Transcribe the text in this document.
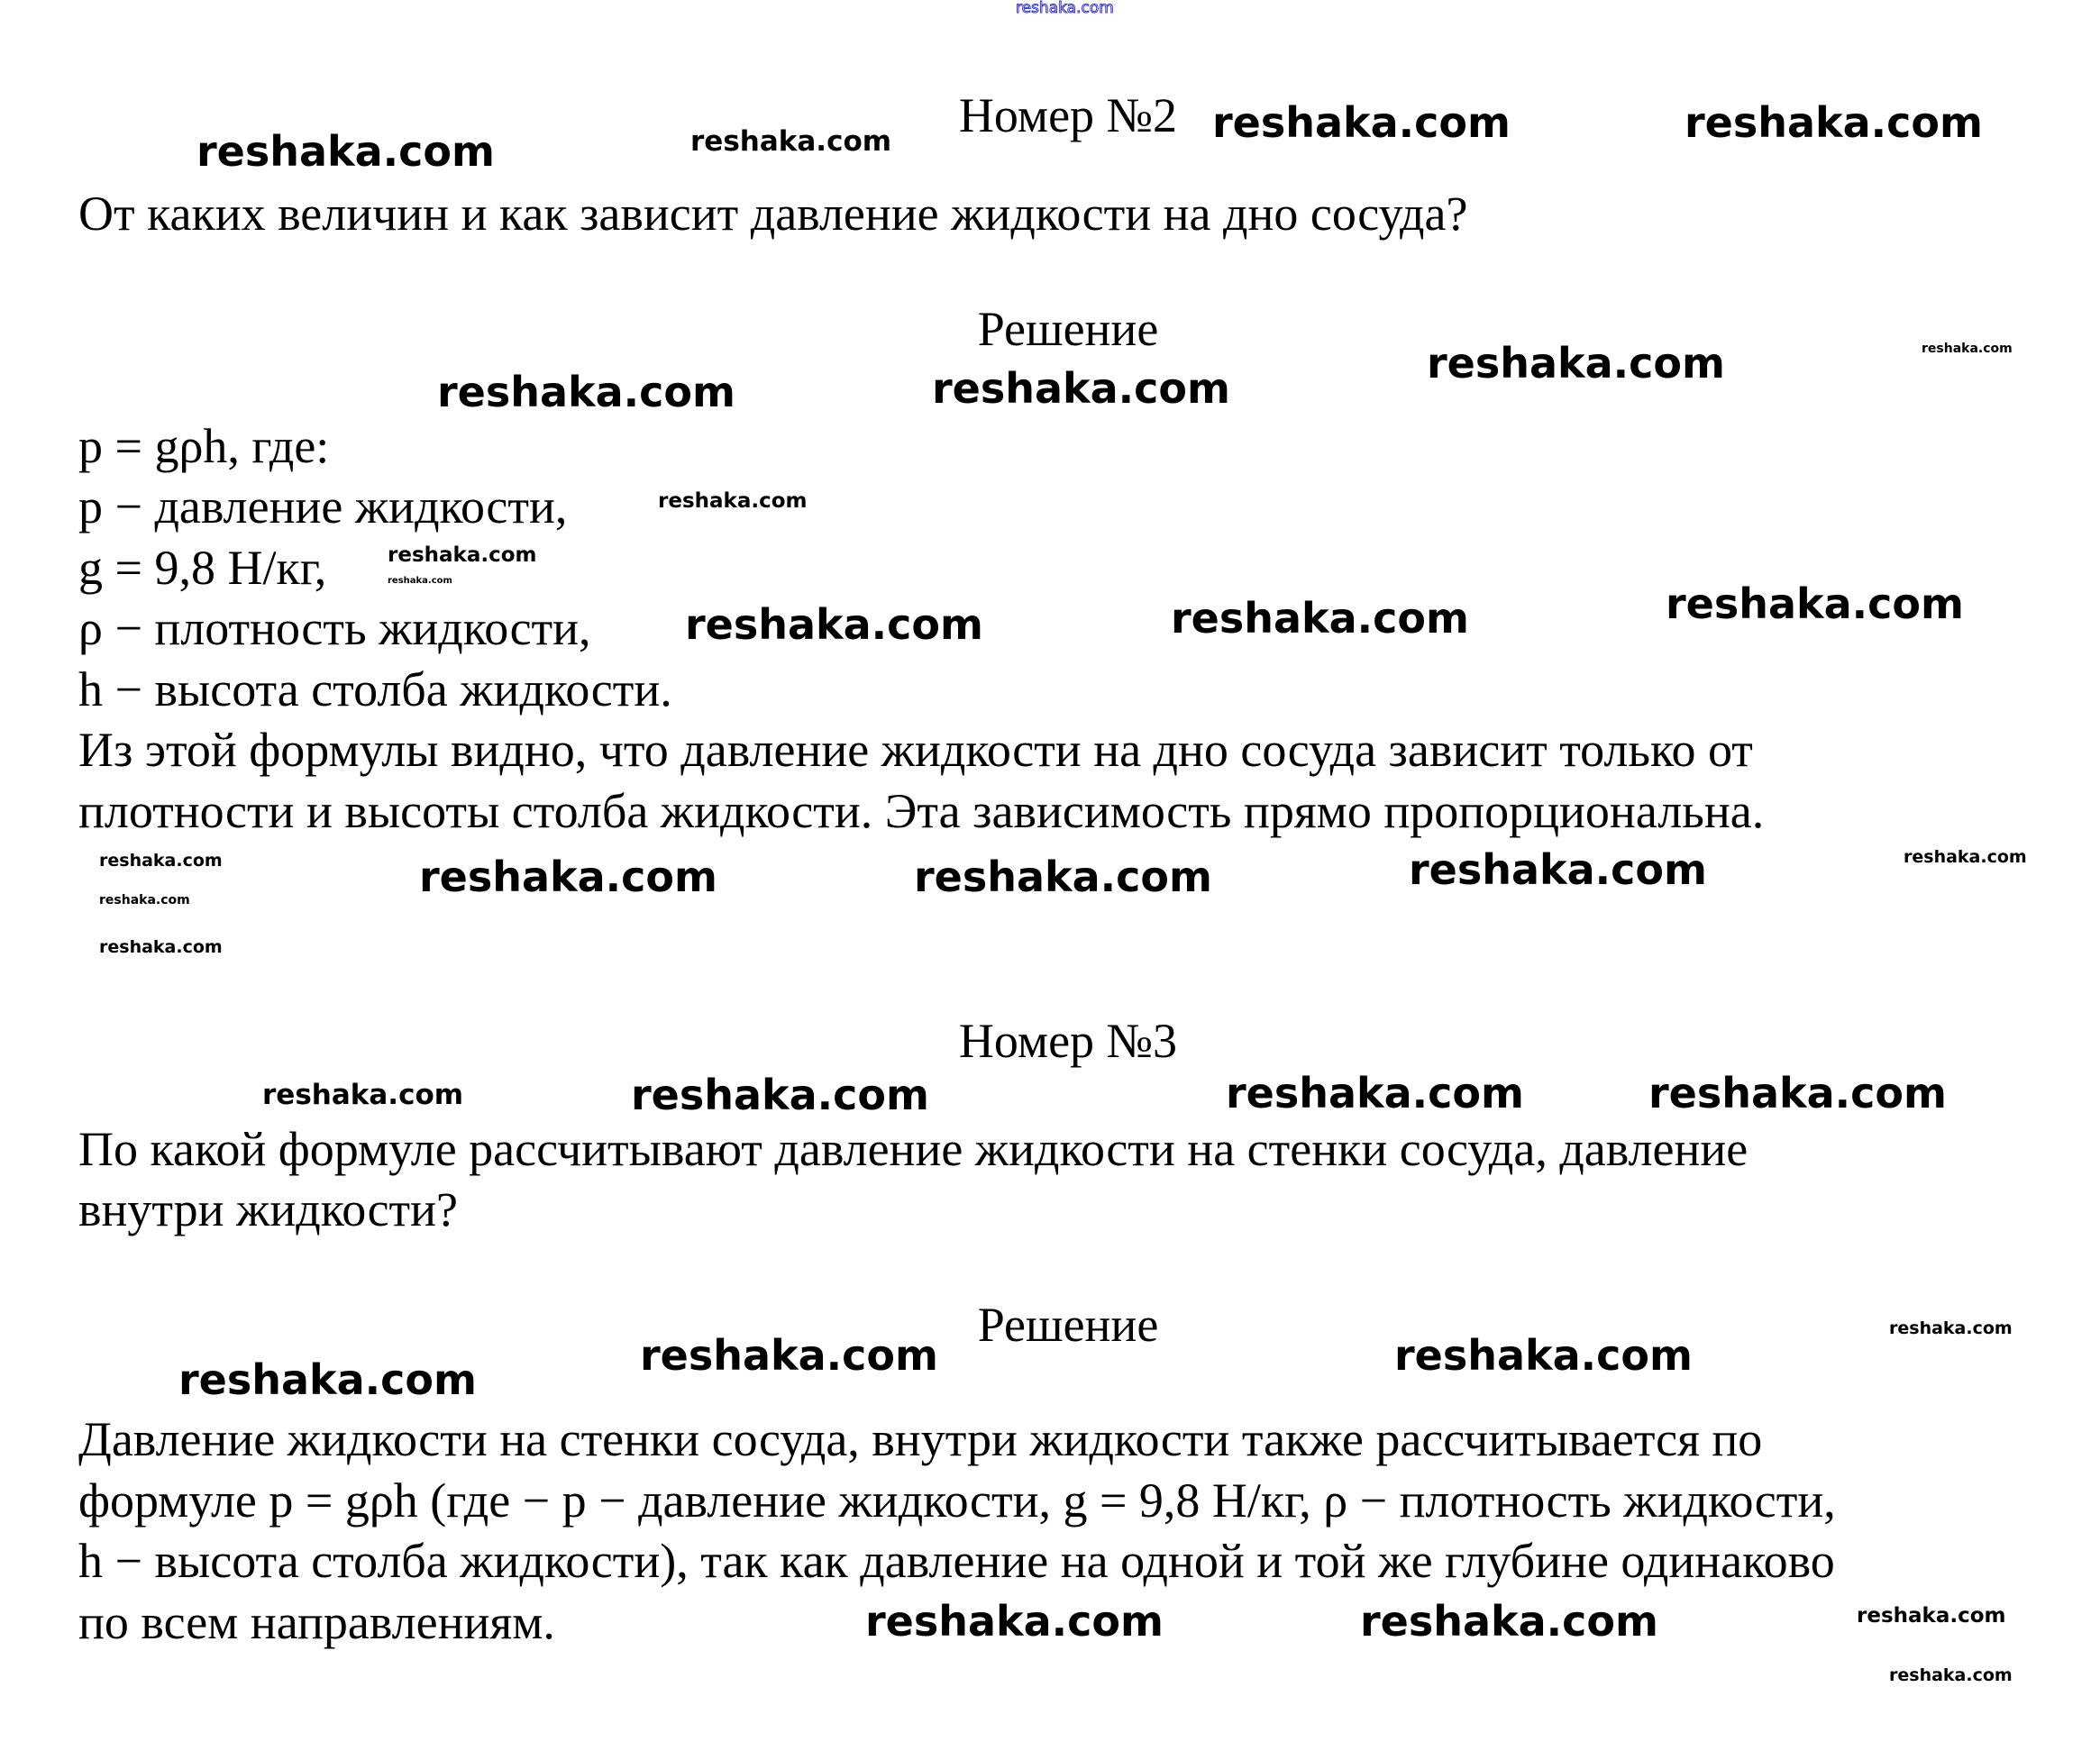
Номер №2
От каких величин и как зависит давление жидкости на дно сосуда?
Решение
p = gρh, где:
p − давление жидкости,
g = 9,8 Н/кг,
ρ − плотность жидкости,
h − высота столба жидкости.
Из этой формулы видно, что давление жидкости на дно сосуда зависит только от
плотности и высоты столба жидкости. Эта зависимость прямо пропорциональна.
Номер №3
По какой формуле рассчитывают давление жидкости на стенки сосуда, давление
внутри жидкости?
Решение
Давление жидкости на стенки сосуда, внутри жидкости также рассчитывается по
формуле p = gρh (где − p − давление жидкости, g = 9,8 Н/кг, ρ − плотность жидкости,
h − высота столба жидкости), так как давление на одной и той же глубине одинаково
по всем направлениям.
reshaka.com
reshaka.com	reshaka.com	reshaka.com	reshaka.com
reshaka.com	reshaka.com
reshaka.com	reshaka.com
reshaka.com
reshaka.com
reshaka.com
reshaka.com	reshaka.com	reshaka.com
reshaka.com
reshaka.com	reshaka.com
reshaka.com	reshaka.com	reshaka.com
reshaka.com
reshaka.com	reshaka.com	reshaka.com	reshaka.com
reshaka.com
reshaka.com	reshaka.com
reshaka.com
reshaka.com
reshaka.com	reshaka.com	reshaka.com
